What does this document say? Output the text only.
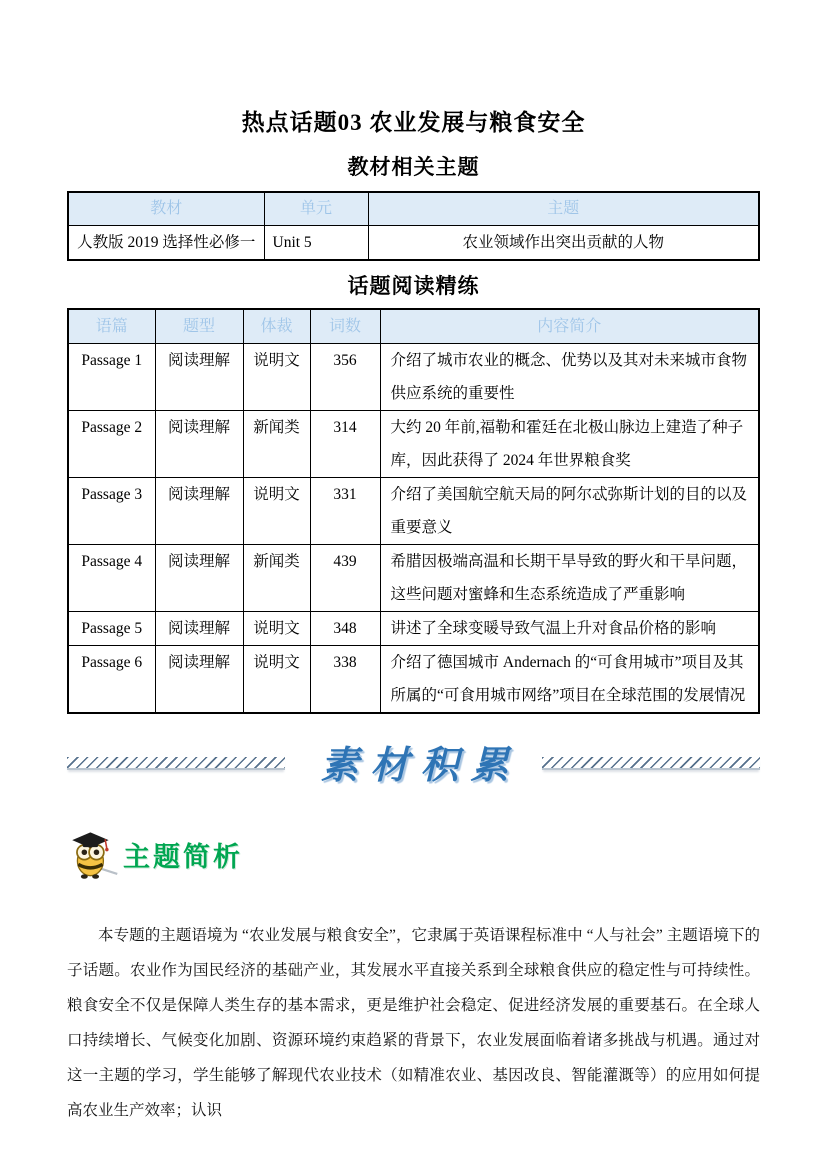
热点话题03 农业发展与粮食安全
教材相关主题
教材	单元	主题
人教版 2019 选择性必修一	Unit 5	农业领域作出突出贡献的人物
话题阅读精练
语篇	题型	体裁	词数	内容简介
Passage 1	阅读理解	说明文	356	介绍了城市农业的概念、优势以及其对未来城市食物供应系统的重要性
Passage 2	阅读理解	新闻类	314	大约 20 年前,福勒和霍廷在北极山脉边上建造了种子库，因此获得了 2024 年世界粮食奖
Passage 3	阅读理解	说明文	331	介绍了美国航空航天局的阿尔忒弥斯计划的目的以及重要意义
Passage 4	阅读理解	新闻类	439	希腊因极端高温和长期干旱导致的野火和干旱问题，这些问题对蜜蜂和生态系统造成了严重影响
Passage 5	阅读理解	说明文	348	讲述了全球变暖导致气温上升对食品价格的影响
Passage 6	阅读理解	说明文	338	介绍了德国城市 Andernach 的“可食用城市”项目及其所属的“可食用城市网络”项目在全球范围的发展情况
素材积累
主题简析

本专题的主题语境为 “农业发展与粮食安全”，它隶属于英语课程标准中 “人与社会” 主题语境下的子话题。农业作为国民经济的基础产业，其发展水平直接关系到全球粮食供应的稳定性与可持续性。粮食安全不仅是保障人类生存的基本需求，更是维护社会稳定、促进经济发展的重要基石。在全球人口持续增长、气候变化加剧、资源环境约束趋紧的背景下，农业发展面临着诸多挑战与机遇。通过对这一主题的学习，学生能够了解现代农业技术（如精准农业、基因改良、智能灌溉等）的应用如何提高农业生产效率；认识
